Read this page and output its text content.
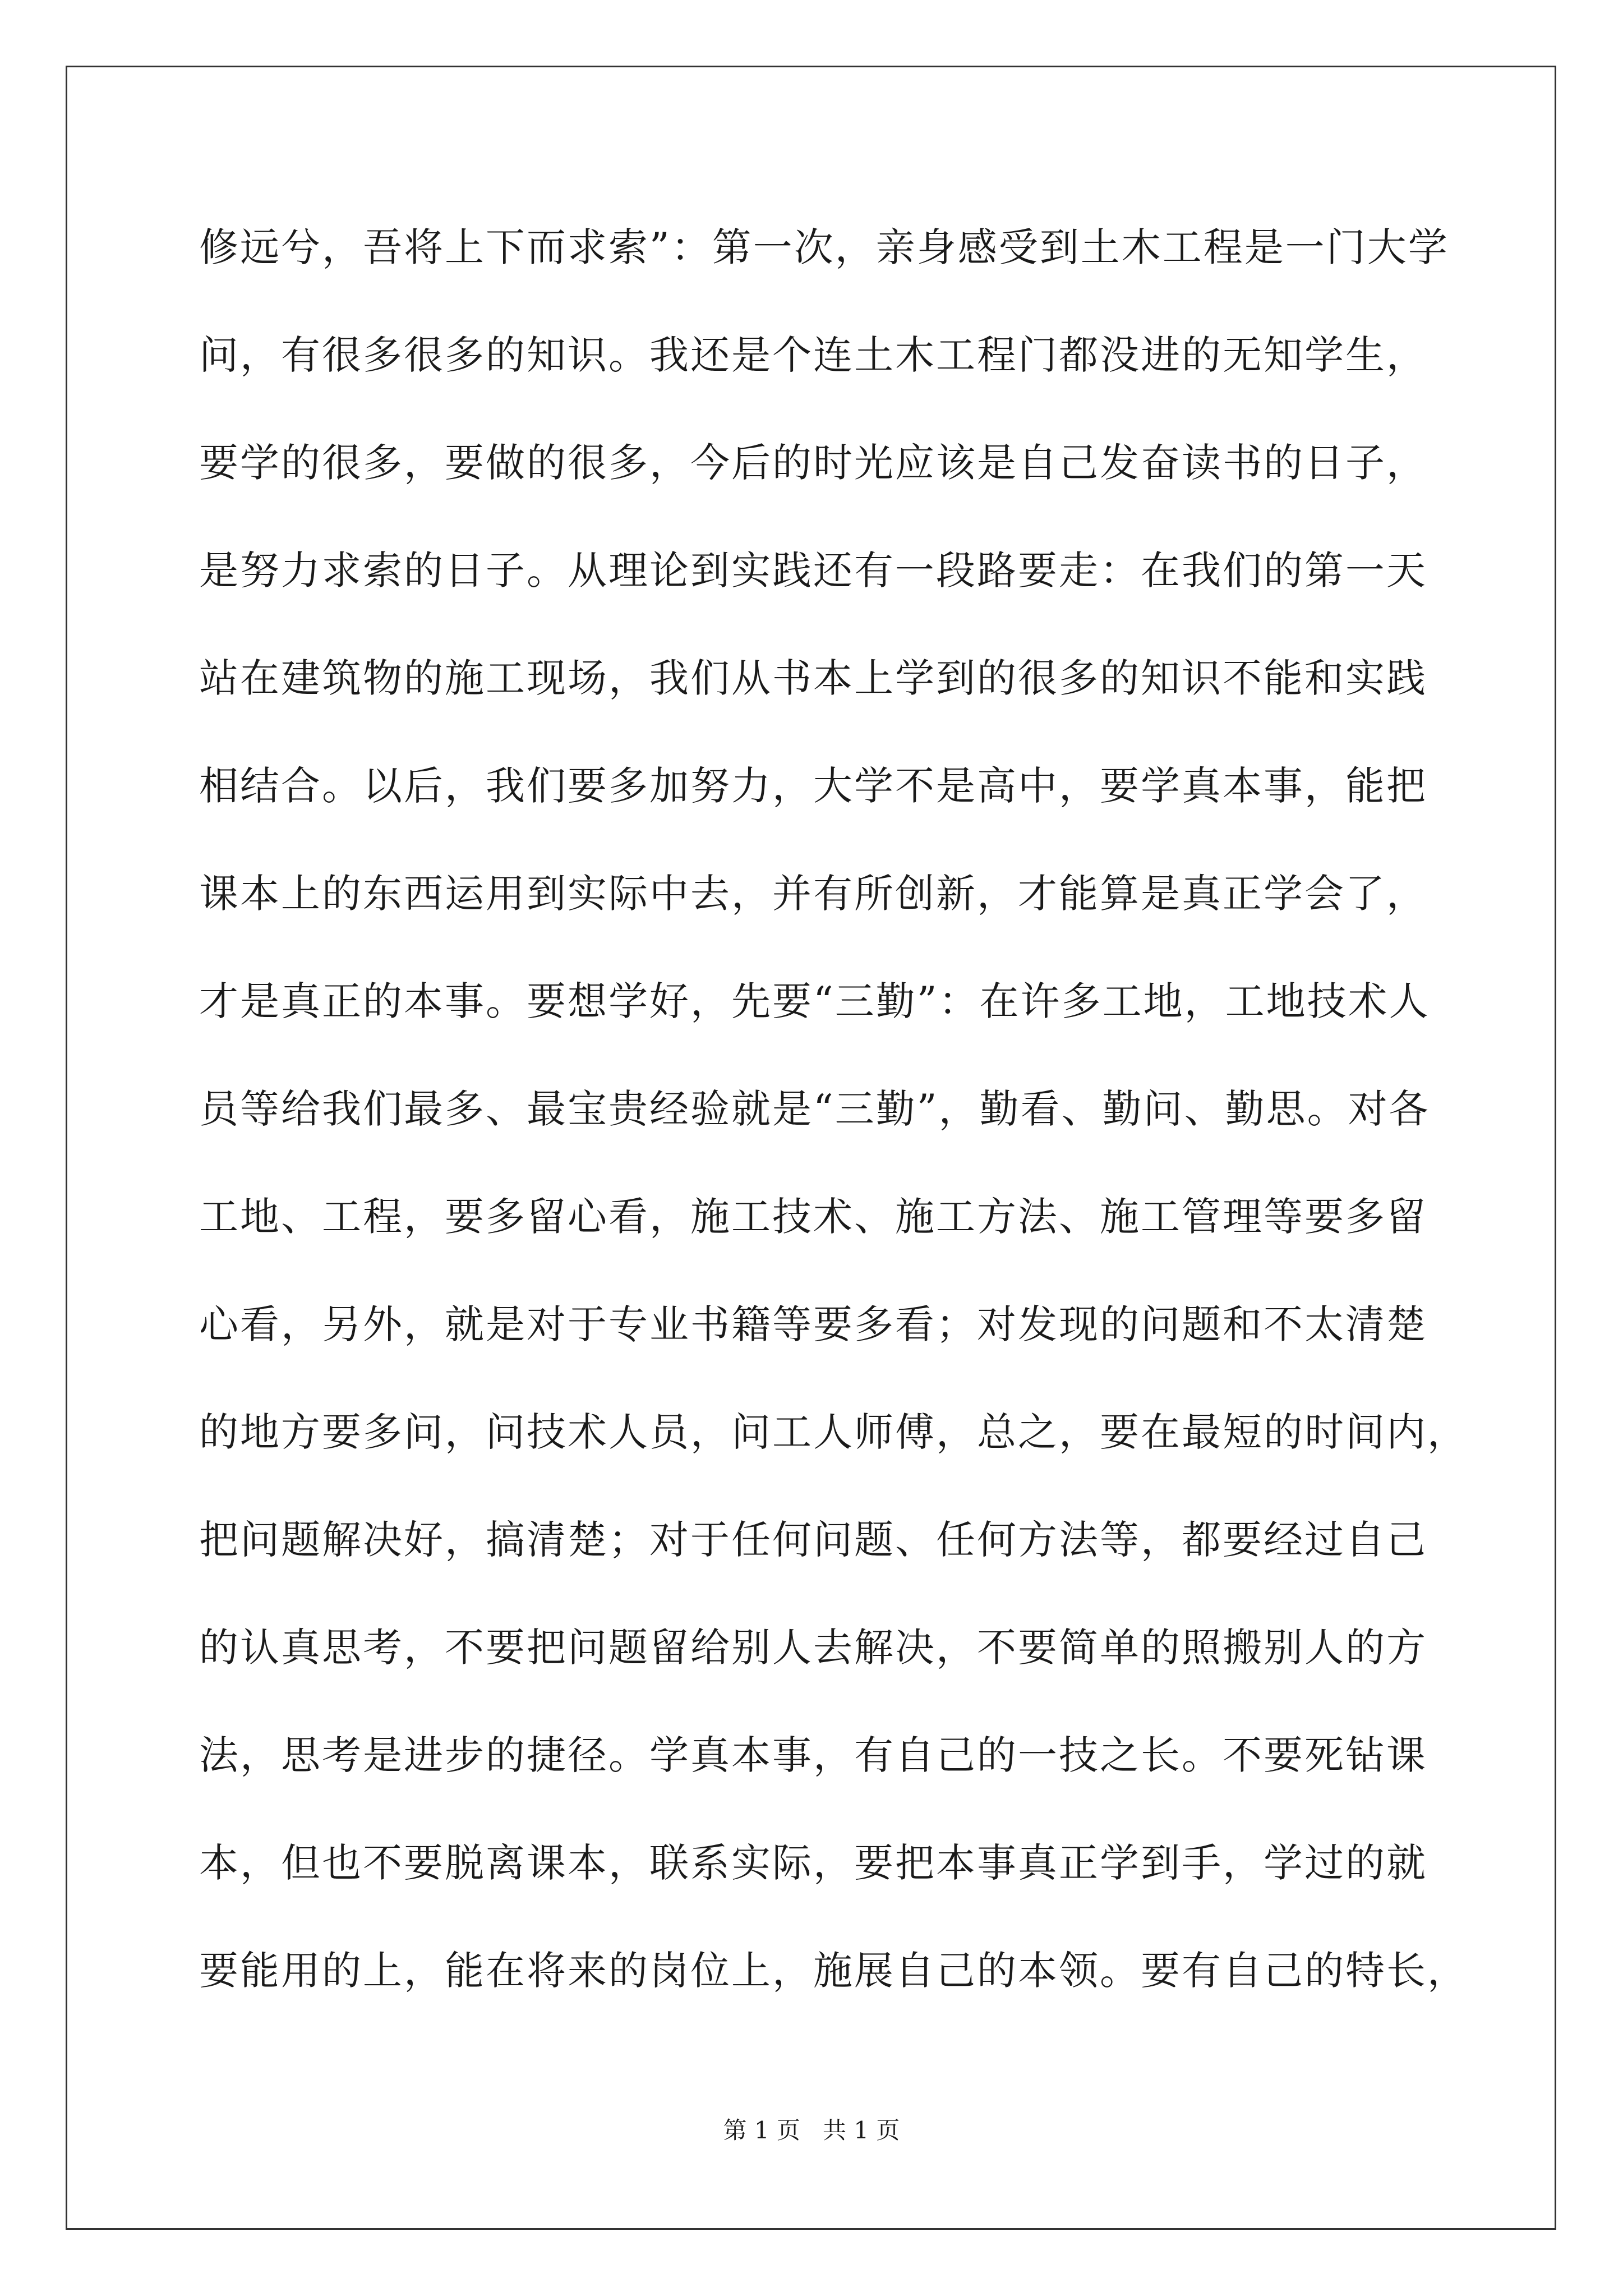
修远兮，吾将上下而求索”：第一次，亲身感受到土木工程是一门大学
问，有很多很多的知识。我还是个连土木工程门都没进的无知学生，
要学的很多，要做的很多，今后的时光应该是自己发奋读书的日子，
是努力求索的日子。从理论到实践还有一段路要走：在我们的第一天
站在建筑物的施工现场，我们从书本上学到的很多的知识不能和实践
相结合。以后，我们要多加努力，大学不是高中，要学真本事，能把
课本上的东西运用到实际中去，并有所创新，才能算是真正学会了，
才是真正的本事。要想学好，先要“三勤”：在许多工地，工地技术人
员等给我们最多、最宝贵经验就是“三勤”，勤看、勤问、勤思。对各
工地、工程，要多留心看，施工技术、施工方法、施工管理等要多留
心看，另外，就是对于专业书籍等要多看；对发现的问题和不太清楚
的地方要多问，问技术人员，问工人师傅，总之，要在最短的时间内，
把问题解决好，搞清楚；对于任何问题、任何方法等，都要经过自己
的认真思考，不要把问题留给别人去解决，不要简单的照搬别人的方
法，思考是进步的捷径。学真本事，有自己的一技之长。不要死钻课
本，但也不要脱离课本，联系实际，要把本事真正学到手，学过的就
要能用的上，能在将来的岗位上，施展自己的本领。要有自己的特长，
第 1 页 共 1 页
